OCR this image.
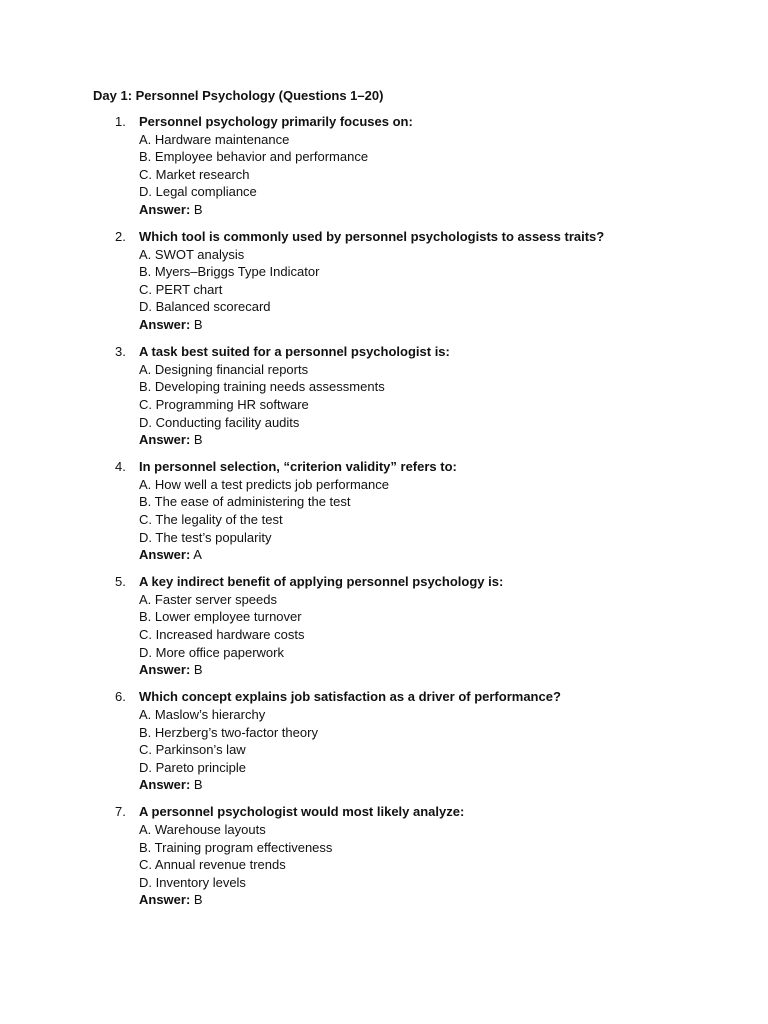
Day 1: Personnel Psychology (Questions 1–20)
1. Personnel psychology primarily focuses on:
A. Hardware maintenance
B. Employee behavior and performance
C. Market research
D. Legal compliance
Answer: B
2. Which tool is commonly used by personnel psychologists to assess traits?
A. SWOT analysis
B. Myers–Briggs Type Indicator
C. PERT chart
D. Balanced scorecard
Answer: B
3. A task best suited for a personnel psychologist is:
A. Designing financial reports
B. Developing training needs assessments
C. Programming HR software
D. Conducting facility audits
Answer: B
4. In personnel selection, “criterion validity” refers to:
A. How well a test predicts job performance
B. The ease of administering the test
C. The legality of the test
D. The test’s popularity
Answer: A
5. A key indirect benefit of applying personnel psychology is:
A. Faster server speeds
B. Lower employee turnover
C. Increased hardware costs
D. More office paperwork
Answer: B
6. Which concept explains job satisfaction as a driver of performance?
A. Maslow’s hierarchy
B. Herzberg’s two-factor theory
C. Parkinson’s law
D. Pareto principle
Answer: B
7. A personnel psychologist would most likely analyze:
A. Warehouse layouts
B. Training program effectiveness
C. Annual revenue trends
D. Inventory levels
Answer: B
